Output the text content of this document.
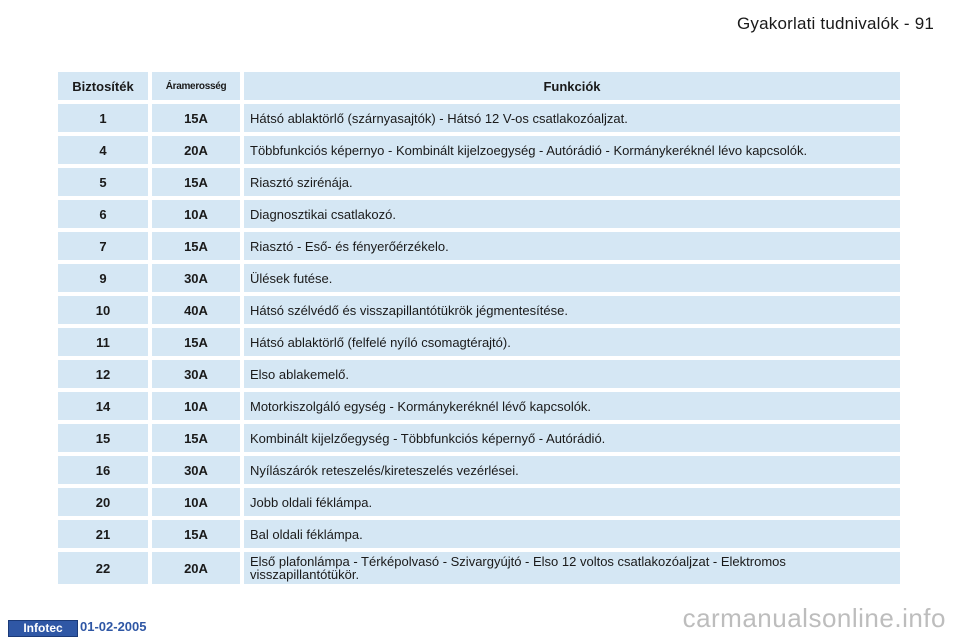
Gyakorlati tudnivalók - 91
Biztosíték	Áramerosség	Funkciók
1	15A	Hátsó ablaktörlő (szárnyasajtók) - Hátsó 12 V-os csatlakozóaljzat.
4	20A	Többfunkciós képernyo - Kombinált kijelzoegység - Autórádió - Kormánykeréknél lévo kapcsolók.
5	15A	Riasztó szirénája.
6	10A	Diagnosztikai csatlakozó.
7	15A	Riasztó - Eső- és fényerőérzékelo.
9	30A	Ülések futése.
10	40A	Hátsó szélvédő és visszapillantótükrök jégmentesítése.
11	15A	Hátsó ablaktörlő (felfelé nyíló csomagtérajtó).
12	30A	Elso ablakemelő.
14	10A	Motorkiszolgáló egység - Kormánykeréknél lévő kapcsolók.
15	15A	Kombinált kijelzőegység - Többfunkciós képernyő - Autórádió.
16	30A	Nyílászárók reteszelés/kireteszelés vezérlései.
20	10A	Jobb oldali féklámpa.
21	15A	Bal oldali féklámpa.
22	20A	Első plafonlámpa - Térképolvasó - Szivargyújtó - Elso 12 voltos csatlakozóaljzat - Elektromos visszapillantótükör.
Infotec	01-02-2005	carmanualsonline.info
